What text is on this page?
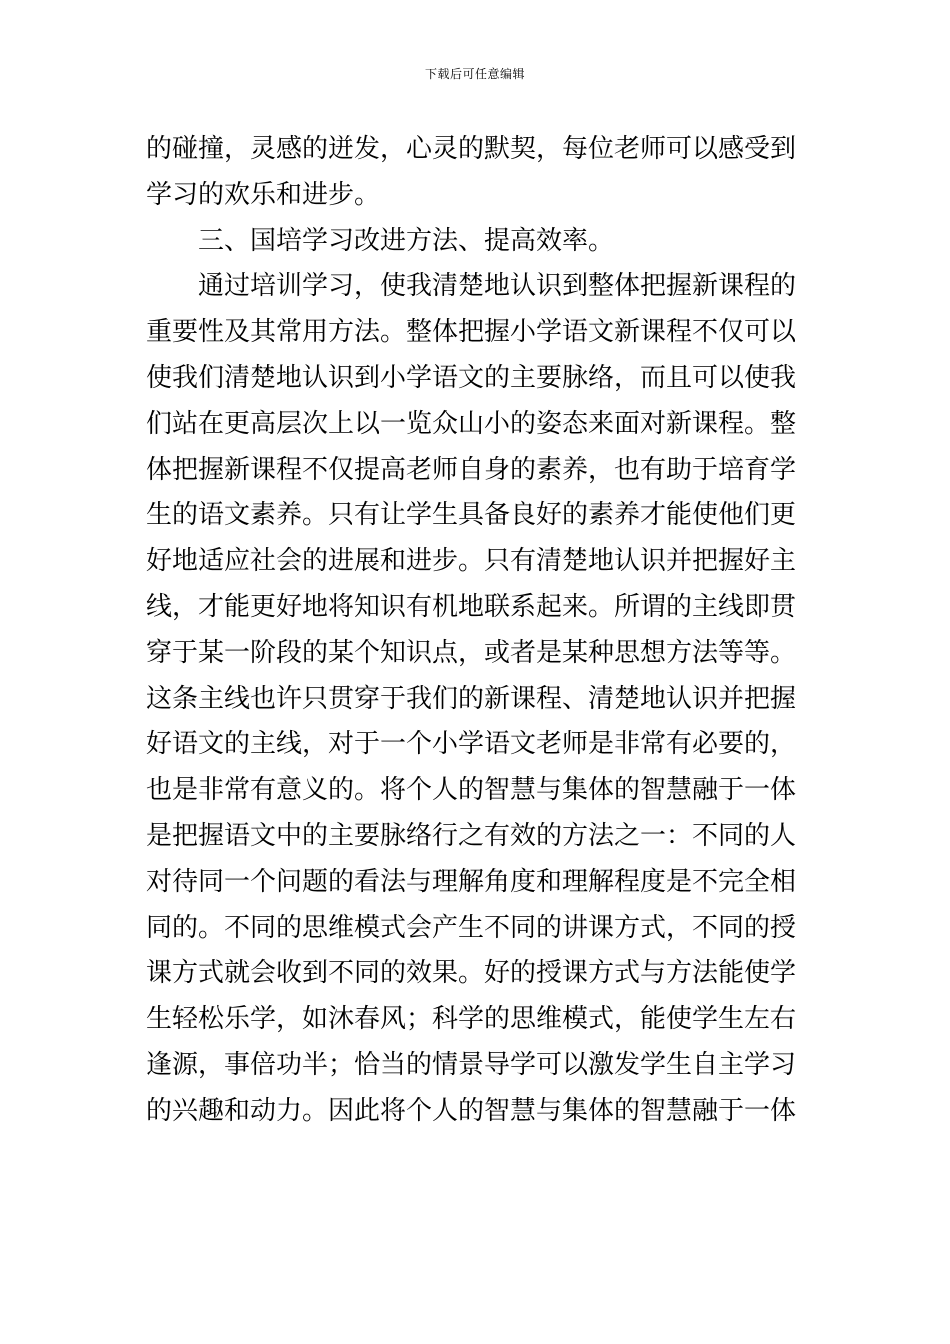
下载后可任意编辑
的碰撞，灵感的迸发，心灵的默契，每位老师可以感受到
学习的欢乐和进步。
三、国培学习改进方法、提高效率。
通过培训学习，使我清楚地认识到整体把握新课程的
重要性及其常用方法。整体把握小学语文新课程不仅可以
使我们清楚地认识到小学语文的主要脉络，而且可以使我
们站在更高层次上以一览众山小的姿态来面对新课程。整
体把握新课程不仅提高老师自身的素养，也有助于培育学
生的语文素养。只有让学生具备良好的素养才能使他们更
好地适应社会的进展和进步。只有清楚地认识并把握好主
线，才能更好地将知识有机地联系起来。所谓的主线即贯
穿于某一阶段的某个知识点，或者是某种思想方法等等。
这条主线也许只贯穿于我们的新课程、清楚地认识并把握
好语文的主线，对于一个小学语文老师是非常有必要的，
也是非常有意义的。将个人的智慧与集体的智慧融于一体
是把握语文中的主要脉络行之有效的方法之一：不同的人
对待同一个问题的看法与理解角度和理解程度是不完全相
同的。不同的思维模式会产生不同的讲课方式，不同的授
课方式就会收到不同的效果。好的授课方式与方法能使学
生轻松乐学，如沐春风；科学的思维模式，能使学生左右
逢源，事倍功半；恰当的情景导学可以激发学生自主学习
的兴趣和动力。因此将个人的智慧与集体的智慧融于一体
